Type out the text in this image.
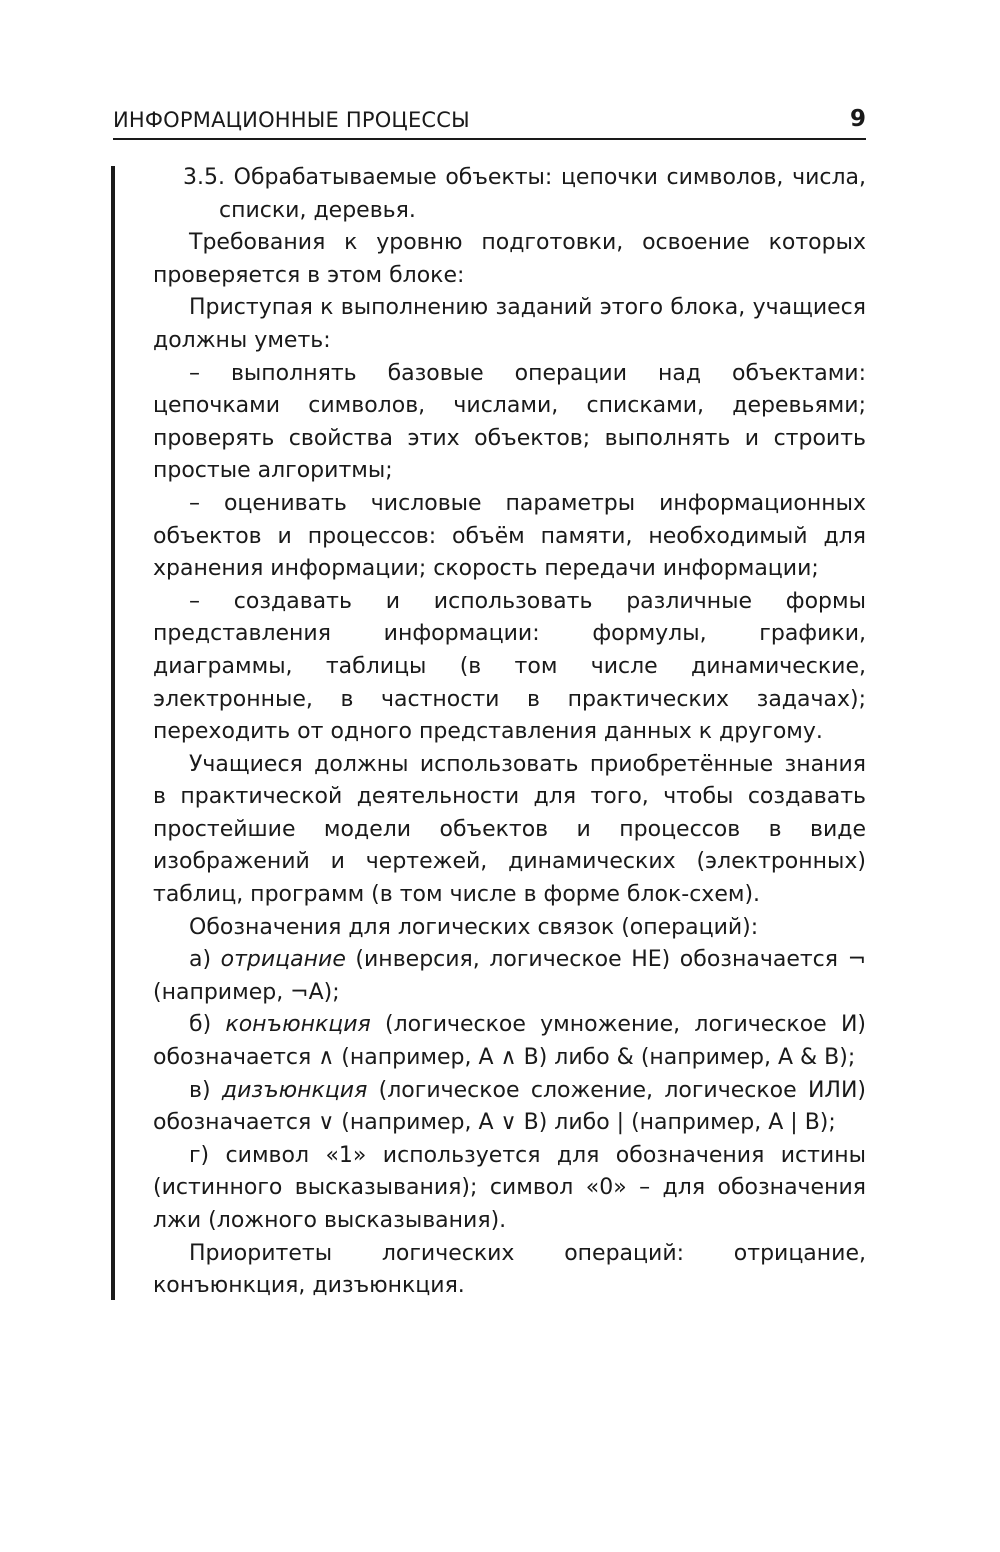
ИНФОРМАЦИОННЫЕ ПРОЦЕССЫ	9

3.5. Обрабатываемые объекты: цепочки символов, числа, списки, деревья.

Требования к уровню подготовки, освоение которых проверяется в этом блоке:

Приступая к выполнению заданий этого блока, учащиеся должны уметь:

– выполнять базовые операции над объектами: цепочками символов, числами, списками, деревьями; проверять свойства этих объектов; выполнять и строить простые алгоритмы;

– оценивать числовые параметры информационных объектов и процессов: объём памяти, необходимый для хранения информации; скорость передачи информации;

– создавать и использовать различные формы представления информации: формулы, графики, диаграммы, таблицы (в том числе динамические, электронные, в частности в практических задачах); переходить от одного представления данных к другому.

Учащиеся должны использовать приобретённые знания в практической деятельности для того, чтобы создавать простейшие модели объектов и процессов в виде изображений и чертежей, динамических (электронных) таблиц, программ (в том числе в форме блок-схем).

Обозначения для логических связок (операций):

а) отрицание (инверсия, логическое НЕ) обозначается ¬ (например, ¬А);

б) конъюнкция (логическое умножение, логическое И) обозначается ∧ (например, А ∧ В) либо & (например, А & В);

в) дизъюнкция (логическое сложение, логическое ИЛИ) обозначается ∨ (например, А ∨ В) либо | (например, А | В);

г) символ «1» используется для обозначения истины (истинного высказывания); символ «0» – для обозначения лжи (ложного высказывания).

Приоритеты логических операций: отрицание, конъюнкция, дизъюнкция.
